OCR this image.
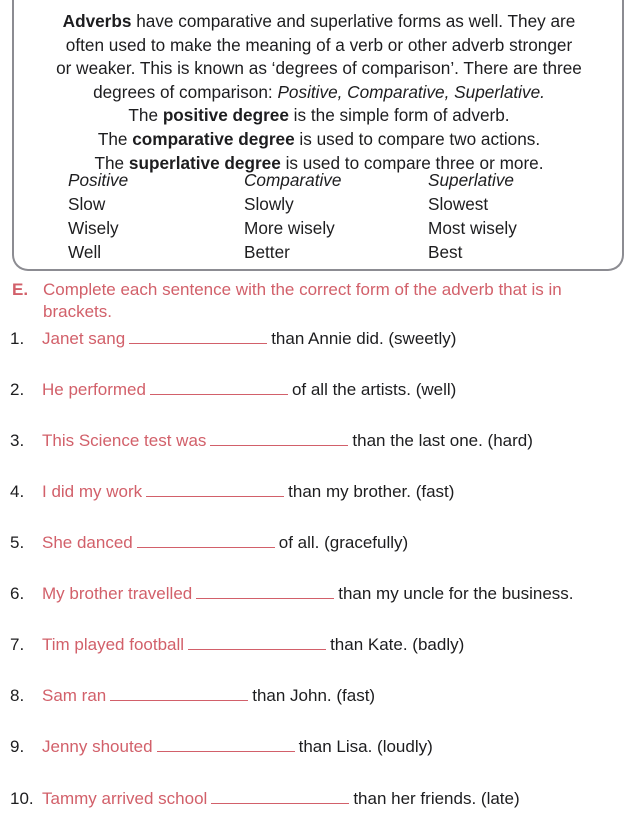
Adverbs have comparative and superlative forms as well. They are

often used to make the meaning of a verb or other adverb stronger

or weaker. This is known as ‘degrees of comparison’. There are three

degrees of comparison: Positive, Comparative, Superlative.

The positive degree is the simple form of adverb.

The comparative degree is used to compare two actions.

The superlative degree is used to compare three or more.

Positive	Comparative	Superlative
Slow	Slowly	Slowest
Wisely	More wisely	Most wisely
Well	Better	Best
E. Complete each sentence with the correct form of the adverb that is in brackets.
1. Janet sang	than Annie did. (sweetly)
2. He performed	of all the artists. (well)
3. This Science test was	than the last one. (hard)
4. I did my work	than my brother. (fast)
5. She danced	of all. (gracefully)
6. My brother travelled	than my uncle for the business.
7. Tim played football	than Kate. (badly)
8. Sam ran	than John. (fast)
9. Jenny shouted	than Lisa. (loudly)
10. Tammy arrived school	than her friends. (late)
